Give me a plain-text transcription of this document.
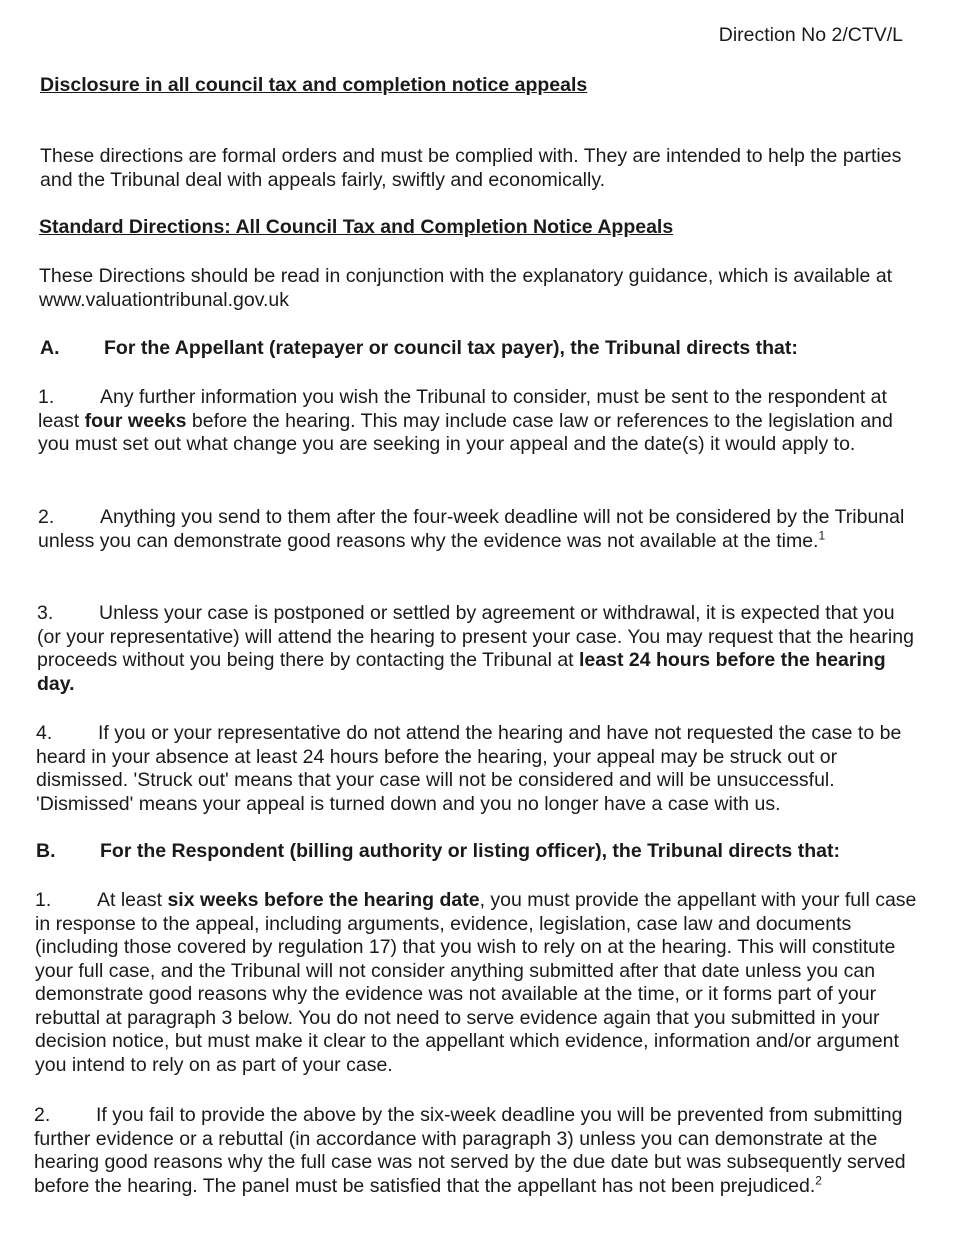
Direction No 2/CTV/L
Disclosure in all council tax and completion notice appeals
These directions are formal orders and must be complied with. They are intended to help the parties and the Tribunal deal with appeals fairly, swiftly and economically.
Standard Directions: All Council Tax and Completion Notice Appeals
These Directions should be read in conjunction with the explanatory guidance, which is available at www.valuationtribunal.gov.uk
A. For the Appellant (ratepayer or council tax payer), the Tribunal directs that:
1. Any further information you wish the Tribunal to consider, must be sent to the respondent at least four weeks before the hearing. This may include case law or references to the legislation and you must set out what change you are seeking in your appeal and the date(s) it would apply to.
2. Anything you send to them after the four-week deadline will not be considered by the Tribunal unless you can demonstrate good reasons why the evidence was not available at the time.$^1$
3. Unless your case is postponed or settled by agreement or withdrawal, it is expected that you (or your representative) will attend the hearing to present your case. You may request that the hearing proceeds without you being there by contacting the Tribunal at least 24 hours before the hearing day.
4. If you or your representative do not attend the hearing and have not requested the case to be heard in your absence at least 24 hours before the hearing, your appeal may be struck out or dismissed. 'Struck out' means that your case will not be considered and will be unsuccessful. 'Dismissed' means your appeal is turned down and you no longer have a case with us.
B. For the Respondent (billing authority or listing officer), the Tribunal directs that:
1. At least six weeks before the hearing date, you must provide the appellant with your full case in response to the appeal, including arguments, evidence, legislation, case law and documents (including those covered by regulation 17) that you wish to rely on at the hearing. This will constitute your full case, and the Tribunal will not consider anything submitted after that date unless you can demonstrate good reasons why the evidence was not available at the time, or it forms part of your rebuttal at paragraph 3 below. You do not need to serve evidence again that you submitted in your decision notice, but must make it clear to the appellant which evidence, information and/or argument you intend to rely on as part of your case.
2. If you fail to provide the above by the six-week deadline you will be prevented from submitting further evidence or a rebuttal (in accordance with paragraph 3) unless you can demonstrate at the hearing good reasons why the full case was not served by the due date but was subsequently served before the hearing. The panel must be satisfied that the appellant has not been prejudiced.$^2$
